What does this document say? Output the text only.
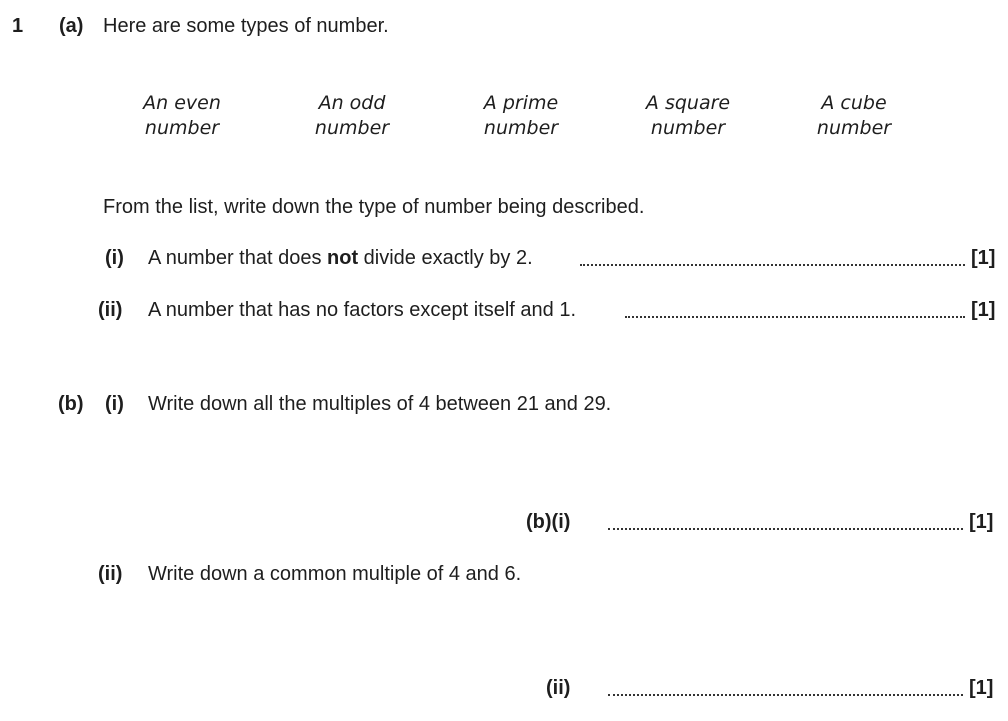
1 (a) Here are some types of number.
An even
number
An odd
number
A prime
number
A square
number
A cube
number
From the list, write down the type of number being described.
(i) A number that does not divide exactly by 2.	[1]
(ii) A number that has no factors except itself and 1.	[1]
(b) (i) Write down all the multiples of 4 between 21 and 29.
(b)(i)	[1]
(ii) Write down a common multiple of 4 and 6.
(ii)	[1]
